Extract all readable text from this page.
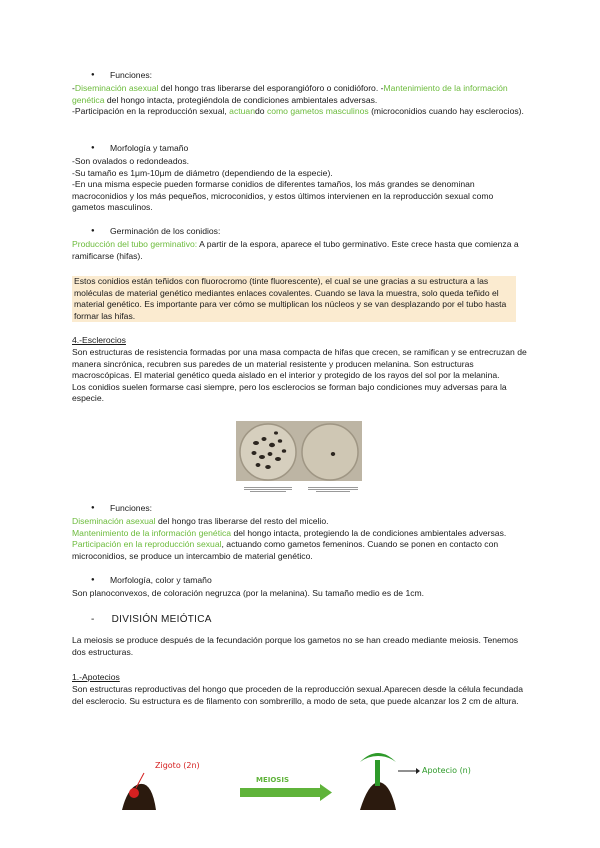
● Funciones:

-Diseminación asexual del hongo tras liberarse del esporangióforo o conidióforo. -Mantenimiento de la información genética del hongo intacta, protegiéndola de condiciones ambientales adversas.

-Participación en la reproducción sexual, actuando como gametos masculinos (microconidios cuando hay esclerocios).

● Morfología y tamaño

-Son ovalados o redondeados.

-Su tamaño es 1μm-10μm de diámetro (dependiendo de la especie).

-En una misma especie pueden formarse conidios de diferentes tamaños, los más grandes se denominan macroconidios y los más pequeños, microconidios, y estos últimos intervienen en la reproducción sexual como gametos masculinos.

● Germinación de los conidios:

Producción del tubo germinativo: A partir de la espora, aparece el tubo germinativo. Este crece hasta que comienza a ramificarse (hifas).

Estos conidios están teñidos con fluorocromo (tinte fluorescente), el cual se une gracias a su estructura a las moléculas de material genético mediantes enlaces covalentes. Cuando se lava la muestra, solo queda teñido el material genético. Es importante para ver cómo se multiplican los núcleos y se van desplazando por el tubo hasta formar las hifas.

4.-Esclerocios

Son estructuras de resistencia formadas por una masa compacta de hifas que crecen, se ramifican y se entrecruzan de manera sincrónica, recubren sus paredes de un material resistente y producen melanina. Son estructuras macroscópicas. El material genético queda aislado en el interior y protegido de los rayos del sol por la melanina.

Los conidios suelen formarse casi siempre, pero los esclerocios se forman bajo condiciones muy adversas para la especie.

● Funciones:

Diseminación asexual del hongo tras liberarse del resto del micelio.

Mantenimiento de la información genética del hongo intacta, protegiendo la de condiciones ambientales adversas. Participación en la reproducción sexual, actuando como gametos femeninos. Cuando se ponen en contacto con microconidios, se produce un intercambio de material genético.

● Morfología, color y tamaño

Son planoconvexos, de coloración negruzca (por la melanina). Su tamaño medio es de 1cm.

- DIVISIÓN MEIÓTICA

La meiosis se produce después de la fecundación porque los gametos no se han creado mediante meiosis. Tenemos dos estructuras.

1.-Apotecios

Son estructuras reproductivas del hongo que proceden de la reproducción sexual.Aparecen desde la célula fecundada del esclerocio. Su estructura es de filamento con sombrerillo, a modo de seta, que puede alcanzar los 2 cm de altura.

Zigoto (2n)
MEIOSIS
Apotecio (n)
